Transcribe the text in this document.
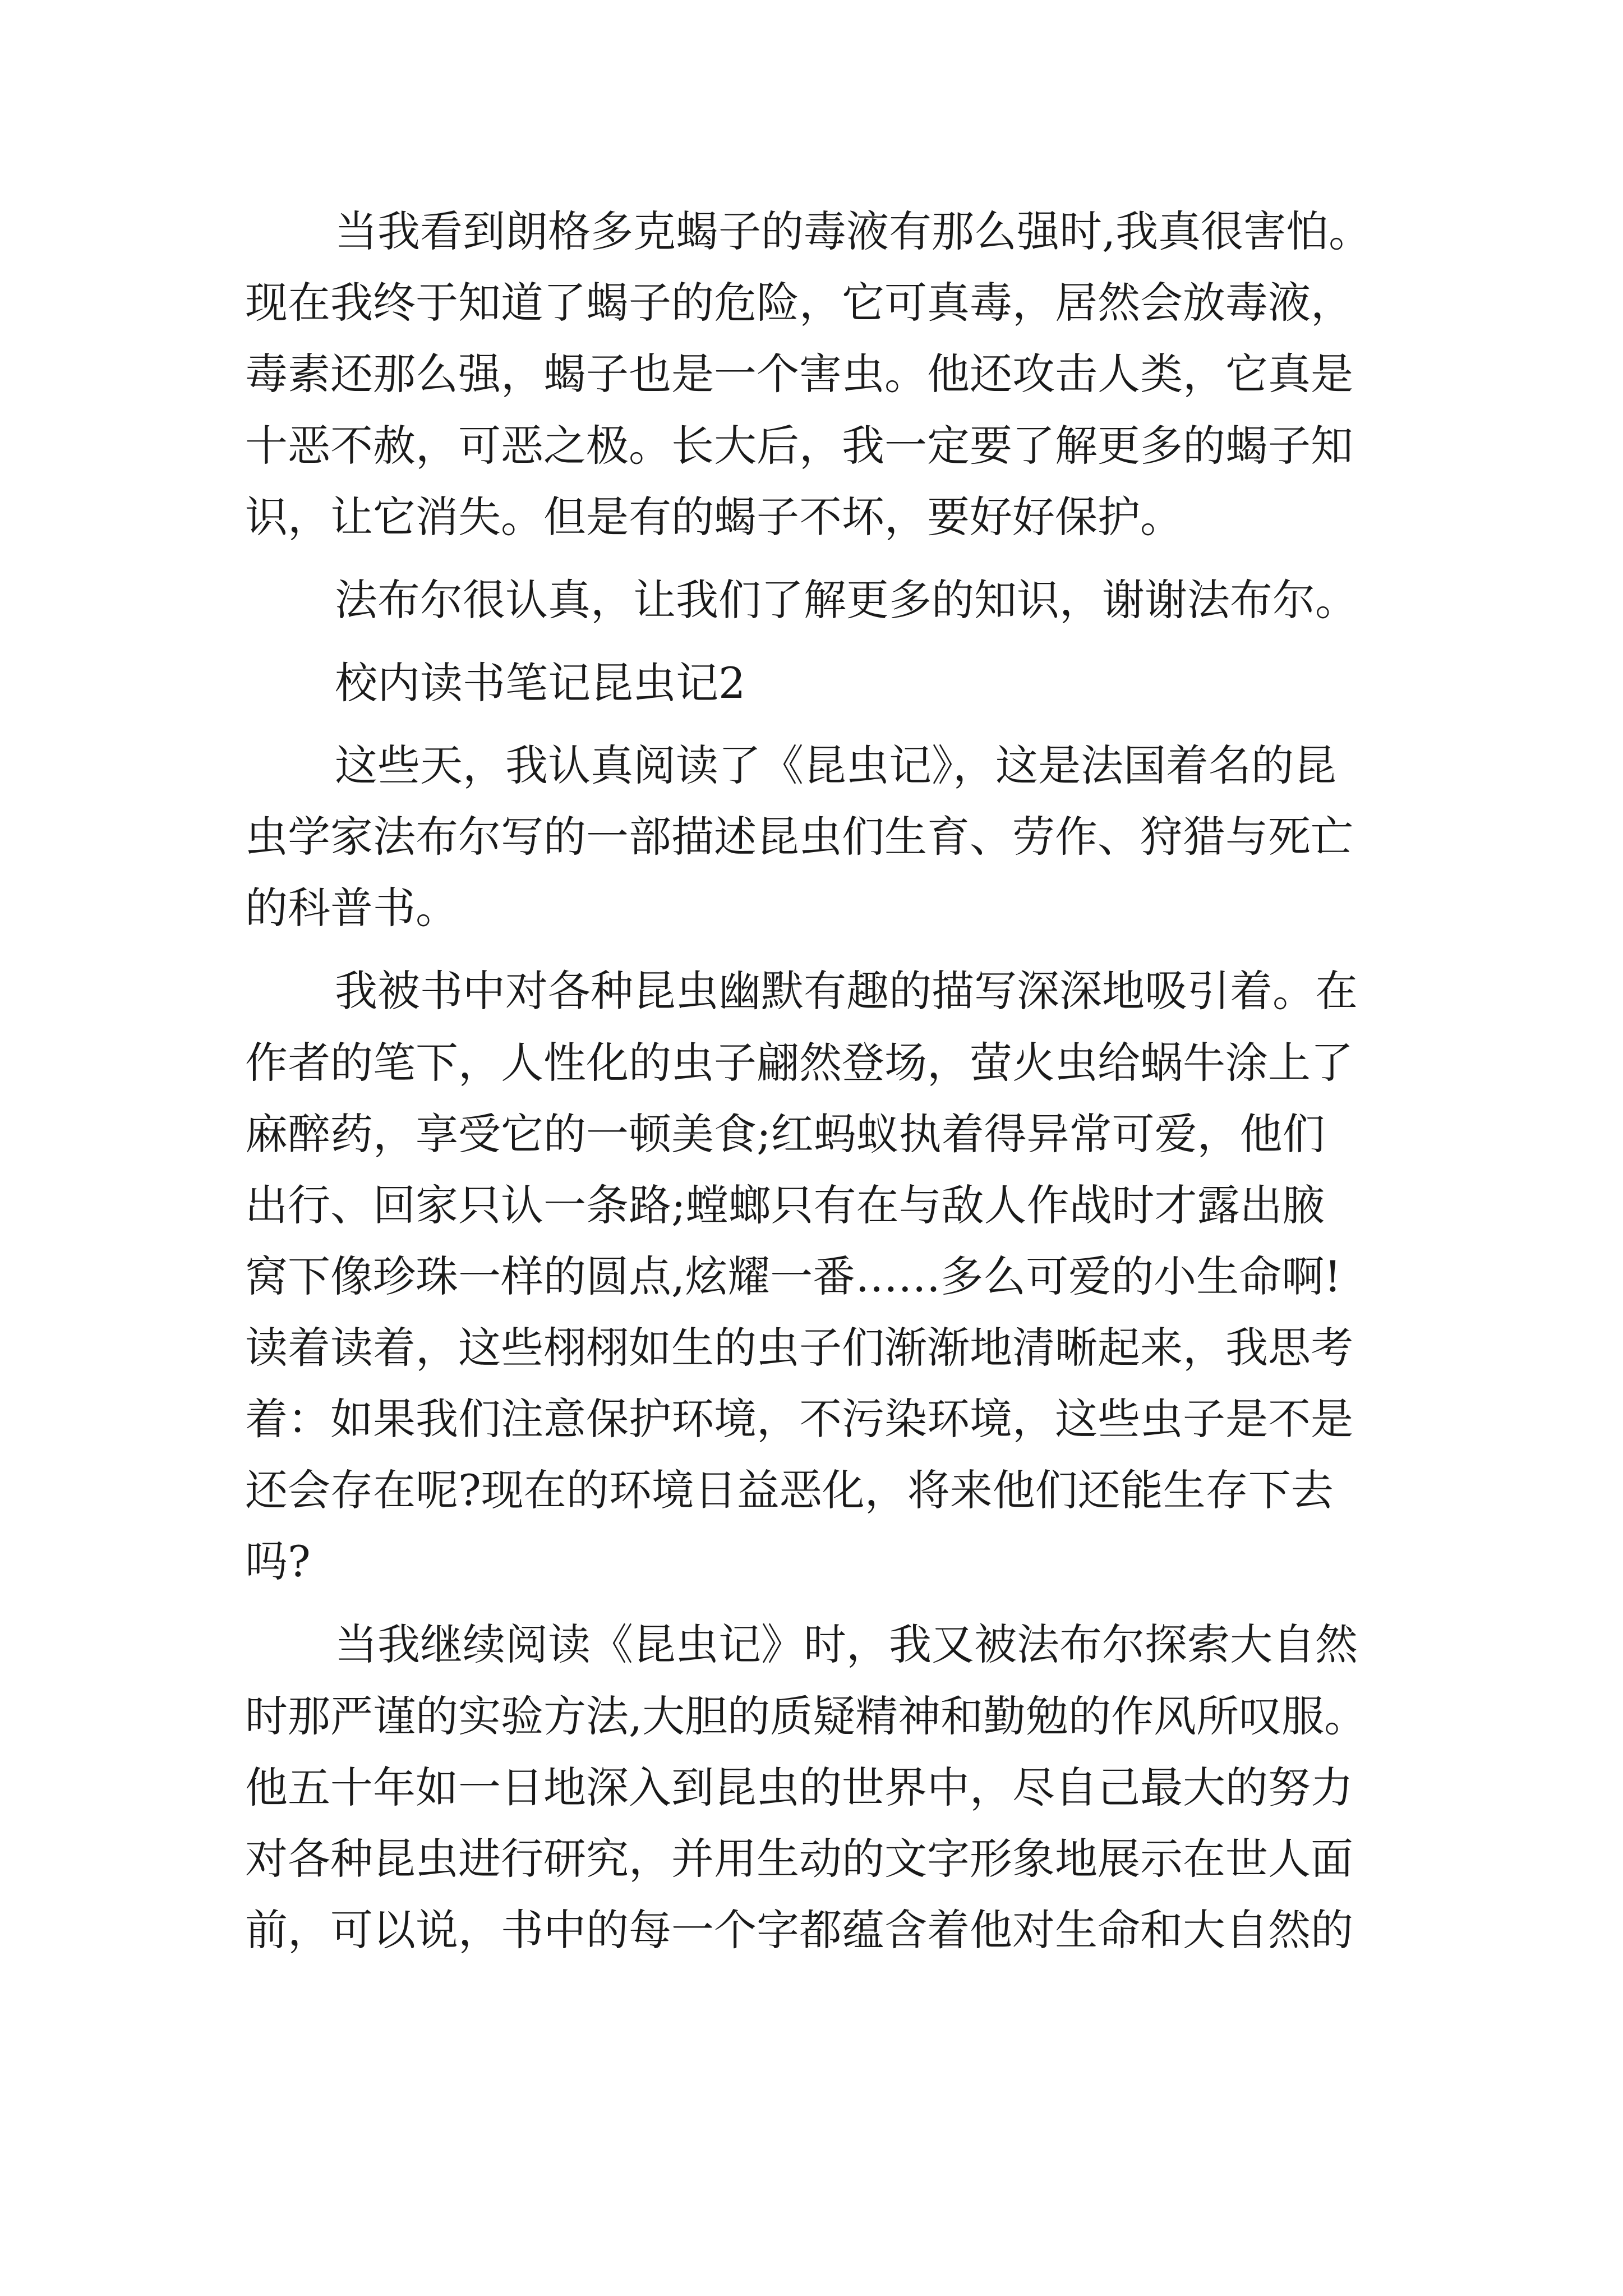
当我看到朗格多克蝎子的毒液有那么强时,我真很害怕。
现在我终于知道了蝎子的危险，它可真毒，居然会放毒液，
毒素还那么强，蝎子也是一个害虫。他还攻击人类，它真是
十恶不赦，可恶之极。长大后，我一定要了解更多的蝎子知
识，让它消失。但是有的蝎子不坏，要好好保护。
法布尔很认真，让我们了解更多的知识，谢谢法布尔。
校内读书笔记昆虫记2
这些天，我认真阅读了《昆虫记》，这是法国着名的昆
虫学家法布尔写的一部描述昆虫们生育、劳作、狩猎与死亡
的科普书。
我被书中对各种昆虫幽默有趣的描写深深地吸引着。在
作者的笔下，人性化的虫子翩然登场，萤火虫给蜗牛涂上了
麻醉药，享受它的一顿美食;红蚂蚁执着得异常可爱，他们
出行、回家只认一条路;螳螂只有在与敌人作战时才露出腋
窝下像珍珠一样的圆点,炫耀一番……多么可爱的小生命啊!
读着读着，这些栩栩如生的虫子们渐渐地清晰起来，我思考
着：如果我们注意保护环境，不污染环境，这些虫子是不是
还会存在呢?现在的环境日益恶化，将来他们还能生存下去
吗?
当我继续阅读《昆虫记》时，我又被法布尔探索大自然
时那严谨的实验方法,大胆的质疑精神和勤勉的作风所叹服。
他五十年如一日地深入到昆虫的世界中，尽自己最大的努力
对各种昆虫进行研究，并用生动的文字形象地展示在世人面
前，可以说，书中的每一个字都蕴含着他对生命和大自然的
